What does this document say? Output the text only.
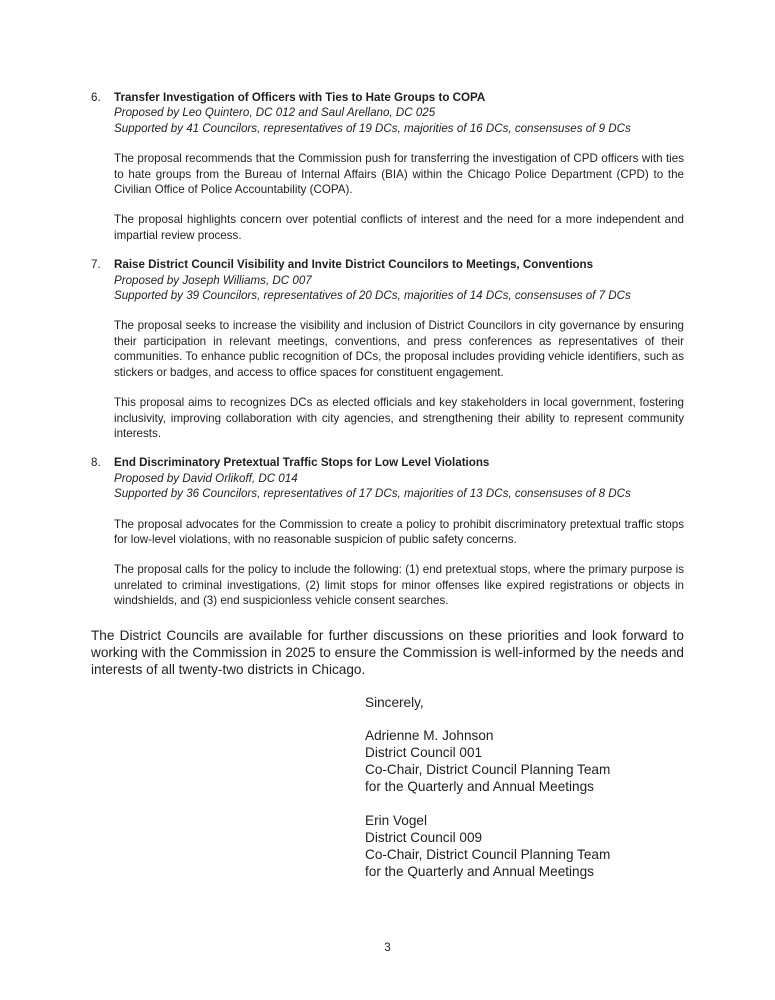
6. Transfer Investigation of Officers with Ties to Hate Groups to COPA
Proposed by Leo Quintero, DC 012 and Saul Arellano, DC 025
Supported by 41 Councilors, representatives of 19 DCs, majorities of 16 DCs, consensuses of 9 DCs
The proposal recommends that the Commission push for transferring the investigation of CPD officers with ties to hate groups from the Bureau of Internal Affairs (BIA) within the Chicago Police Department (CPD) to the Civilian Office of Police Accountability (COPA).
The proposal highlights concern over potential conflicts of interest and the need for a more independent and impartial review process.
7. Raise District Council Visibility and Invite District Councilors to Meetings, Conventions
Proposed by Joseph Williams, DC 007
Supported by 39 Councilors, representatives of 20 DCs, majorities of 14 DCs, consensuses of 7 DCs
The proposal seeks to increase the visibility and inclusion of District Councilors in city governance by ensuring their participation in relevant meetings, conventions, and press conferences as representatives of their communities. To enhance public recognition of DCs, the proposal includes providing vehicle identifiers, such as stickers or badges, and access to office spaces for constituent engagement.
This proposal aims to recognizes DCs as elected officials and key stakeholders in local government, fostering inclusivity, improving collaboration with city agencies, and strengthening their ability to represent community interests.
8. End Discriminatory Pretextual Traffic Stops for Low Level Violations
Proposed by David Orlikoff, DC 014
Supported by 36 Councilors, representatives of 17 DCs, majorities of 13 DCs, consensuses of 8 DCs
The proposal advocates for the Commission to create a policy to prohibit discriminatory pretextual traffic stops for low-level violations, with no reasonable suspicion of public safety concerns.
The proposal calls for the policy to include the following: (1) end pretextual stops, where the primary purpose is unrelated to criminal investigations, (2) limit stops for minor offenses like expired registrations or objects in windshields, and (3) end suspicionless vehicle consent searches.

The District Councils are available for further discussions on these priorities and look forward to working with the Commission in 2025 to ensure the Commission is well-informed by the needs and interests of all twenty-two districts in Chicago.

Sincerely,
Adrienne M. Johnson
District Council 001
Co-Chair, District Council Planning Team
for the Quarterly and Annual Meetings
Erin Vogel
District Council 009
Co-Chair, District Council Planning Team
for the Quarterly and Annual Meetings
3
